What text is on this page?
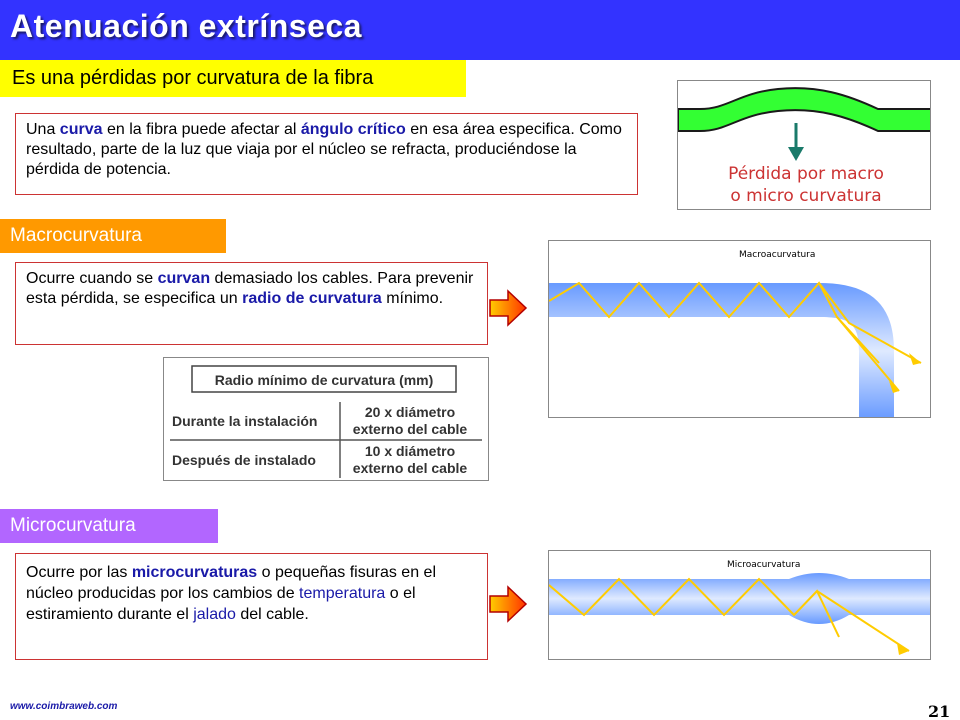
Atenuación extrínseca
Es una pérdidas por curvatura de la fibra
Una curva en la fibra puede afectar al ángulo crítico en esa área especifica. Como resultado, parte de la luz que viaja por el núcleo se refracta, produciéndose la pérdida de potencia.	Pérdida por macro
o micro curvatura
Macrocurvatura
Ocurre cuando se curvan demasiado los cables. Para prevenir esta pérdida, se especifica un radio de curvatura mínimo.
Macroacurvatura
Radio mínimo de curvatura (mm)
Durante la instalación
20 x diámetro
externo del cable
Después de instalado
10 x diámetro
externo del cable
Microcurvatura
Ocurre por las microcurvaturas o pequeñas fisuras en el núcleo producidas por los cambios de temperatura o el estiramiento durante el jalado del cable.
Microacurvatura
www.coimbraweb.com	21
